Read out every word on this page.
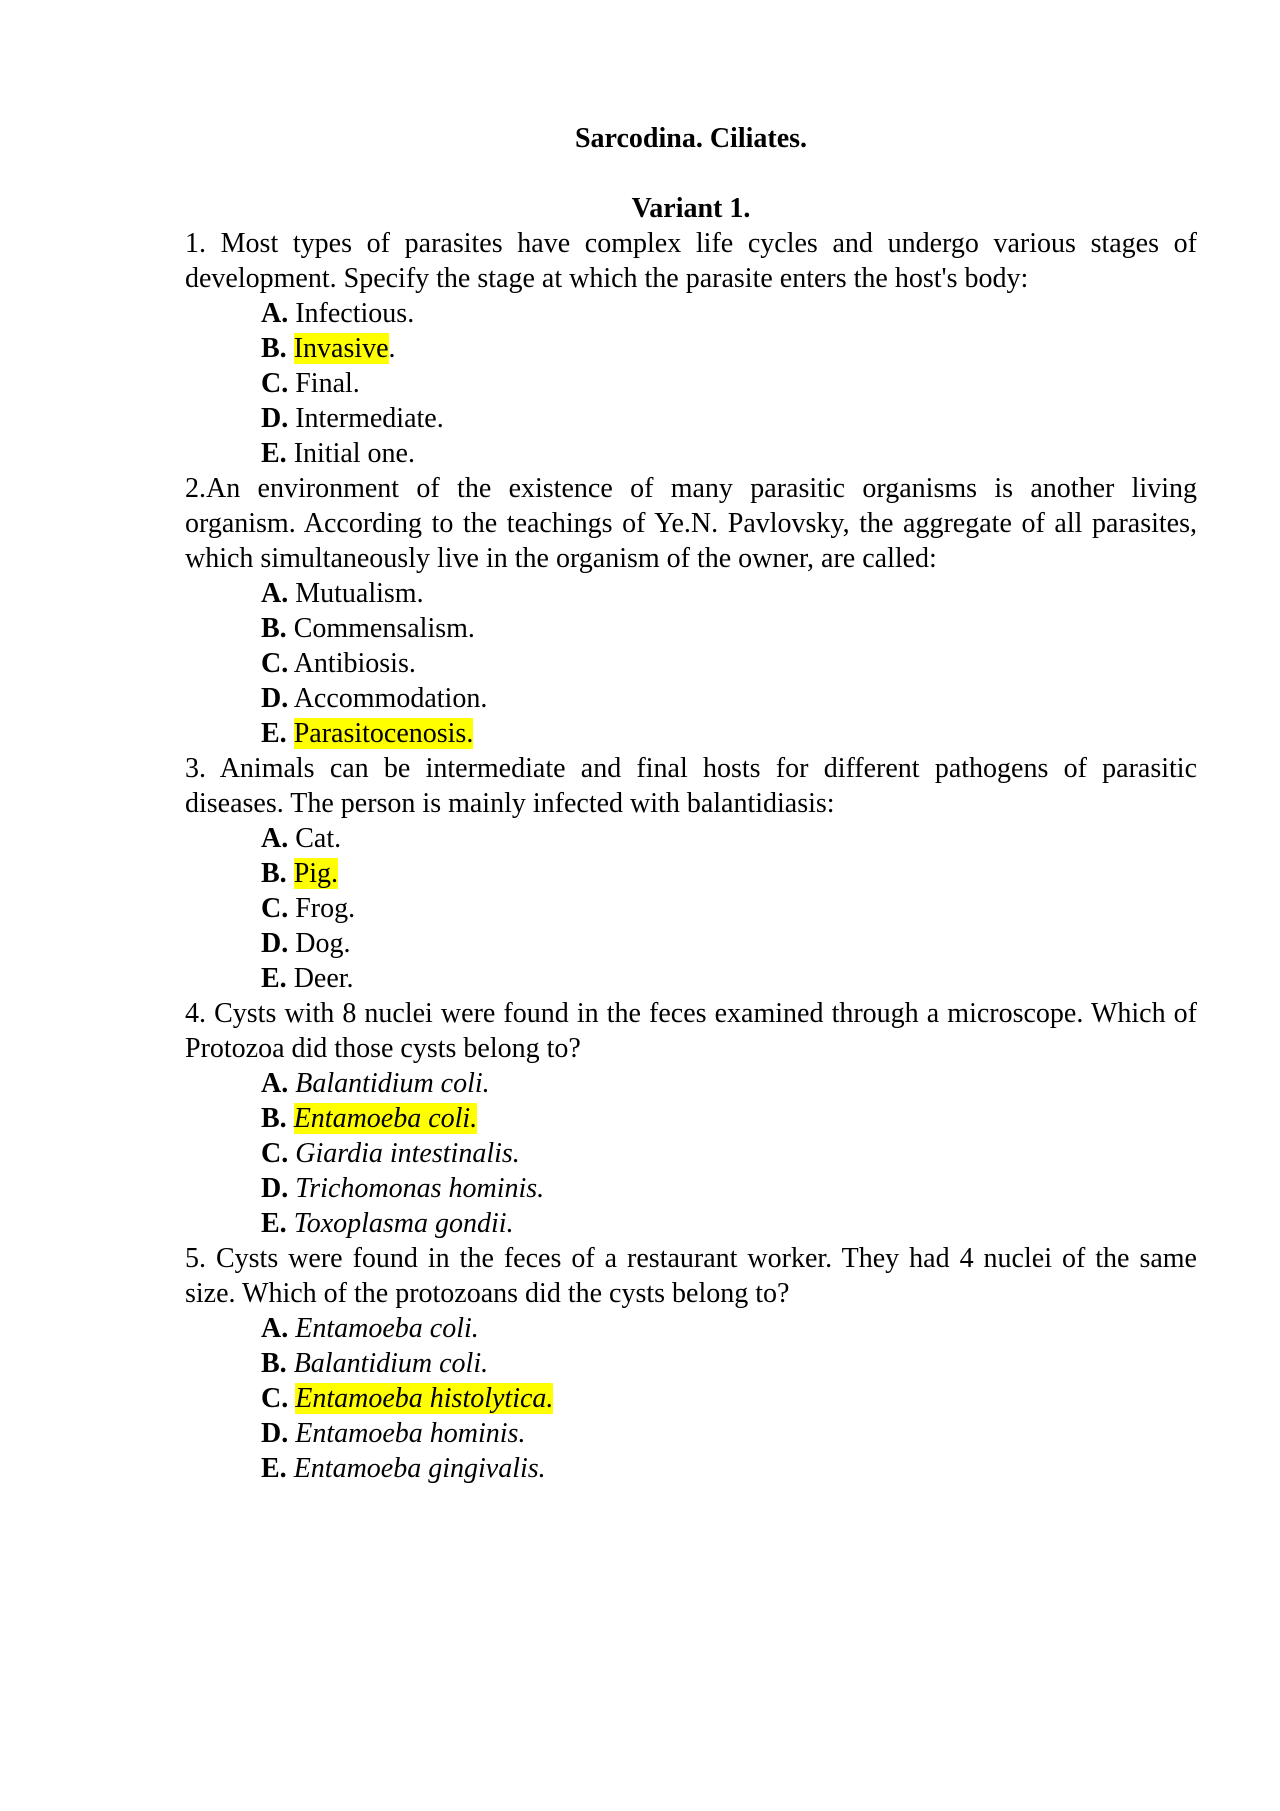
Sarcodina. Ciliates.

Variant 1.

1. Most types of parasites have complex life cycles and undergo various stages of development. Specify the stage at which the parasite enters the host's body:

A. Infectious.
B. Invasive.
C. Final.
D. Intermediate.
E. Initial one.

2.An environment of the existence of many parasitic organisms is another living organism. According to the teachings of Ye.N. Pavlovsky, the aggregate of all parasites, which simultaneously live in the organism of the owner, are called:

A. Mutualism.
B. Commensalism.
C. Antibiosis.
D. Accommodation.
E. Parasitocenosis.

3. Animals can be intermediate and final hosts for different pathogens of parasitic diseases. The person is mainly infected with balantidiasis:

A. Cat.
B. Pig.
C. Frog.
D. Dog.
E. Deer.

4. Cysts with 8 nuclei were found in the feces examined through a microscope. Which of Protozoa did those cysts belong to?

A. Balantidium coli.
B. Entamoeba coli.
C. Giardia intestinalis.
D. Trichomonas hominis.
E. Toxoplasma gondii.

5. Cysts were found in the feces of a restaurant worker. They had 4 nuclei of the same size. Which of the protozoans did the cysts belong to?

A. Entamoeba coli.
B. Balantidium coli.
C. Entamoeba histolytica.
D. Entamoeba hominis.
E. Entamoeba gingivalis.
